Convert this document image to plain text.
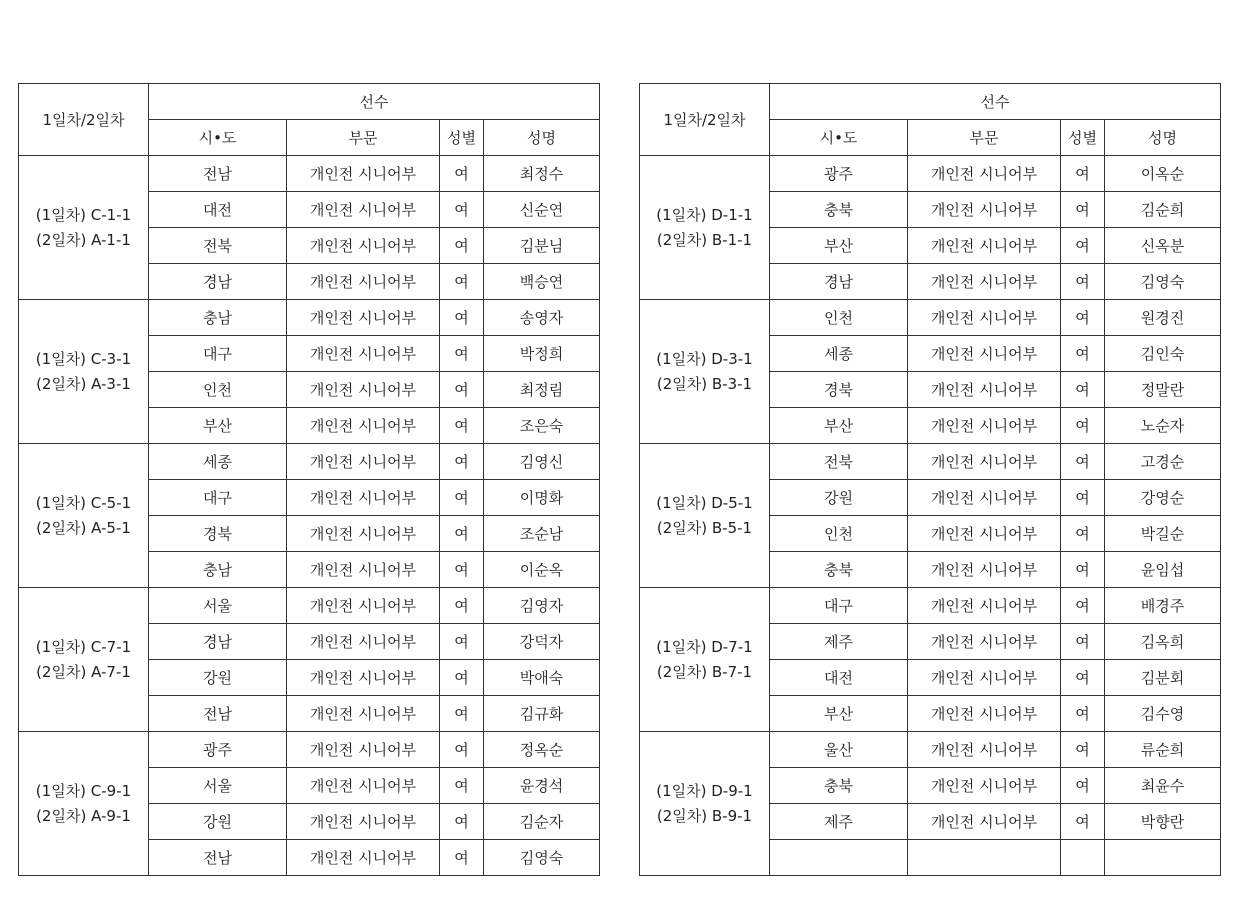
1일차/2일차	선수			
	시•도	부문	성별	성명

(1일차) C-1-1
(2일차) A-1-1	전남	개인전 시니어부	여	최정수
	대전	개인전 시니어부	여	신순연
	전북	개인전 시니어부	여	김분님
	경남	개인전 시니어부	여	백승연

(1일차) C-3-1
(2일차) A-3-1	충남	개인전 시니어부	여	송영자
	대구	개인전 시니어부	여	박정희
	인천	개인전 시니어부	여	최정림
	부산	개인전 시니어부	여	조은숙

(1일차) C-5-1
(2일차) A-5-1	세종	개인전 시니어부	여	김영신
	대구	개인전 시니어부	여	이명화
	경북	개인전 시니어부	여	조순남
	충남	개인전 시니어부	여	이순옥

(1일차) C-7-1
(2일차) A-7-1	서울	개인전 시니어부	여	김영자
	경남	개인전 시니어부	여	강덕자
	강원	개인전 시니어부	여	박애숙
	전남	개인전 시니어부	여	김규화

(1일차) C-9-1
(2일차) A-9-1	광주	개인전 시니어부	여	정옥순
	서울	개인전 시니어부	여	윤경석
	강원	개인전 시니어부	여	김순자
	전남	개인전 시니어부	여	김영숙
1일차/2일차	선수			
	시•도	부문	성별	성명

(1일차) D-1-1
(2일차) B-1-1	광주	개인전 시니어부	여	이옥순
	충북	개인전 시니어부	여	김순희
	부산	개인전 시니어부	여	신옥분
	경남	개인전 시니어부	여	김영숙

(1일차) D-3-1
(2일차) B-3-1	인천	개인전 시니어부	여	원경진
	세종	개인전 시니어부	여	김인숙
	경북	개인전 시니어부	여	정말란
	부산	개인전 시니어부	여	노순자

(1일차) D-5-1
(2일차) B-5-1	전북	개인전 시니어부	여	고경순
	강원	개인전 시니어부	여	강영순
	인천	개인전 시니어부	여	박길순
	충북	개인전 시니어부	여	윤임섭

(1일차) D-7-1
(2일차) B-7-1	대구	개인전 시니어부	여	배경주
	제주	개인전 시니어부	여	김옥희
	대전	개인전 시니어부	여	김분회
	부산	개인전 시니어부	여	김수영

(1일차) D-9-1
(2일차) B-9-1	울산	개인전 시니어부	여	류순희
	충북	개인전 시니어부	여	최윤수
	제주	개인전 시니어부	여	박향란
